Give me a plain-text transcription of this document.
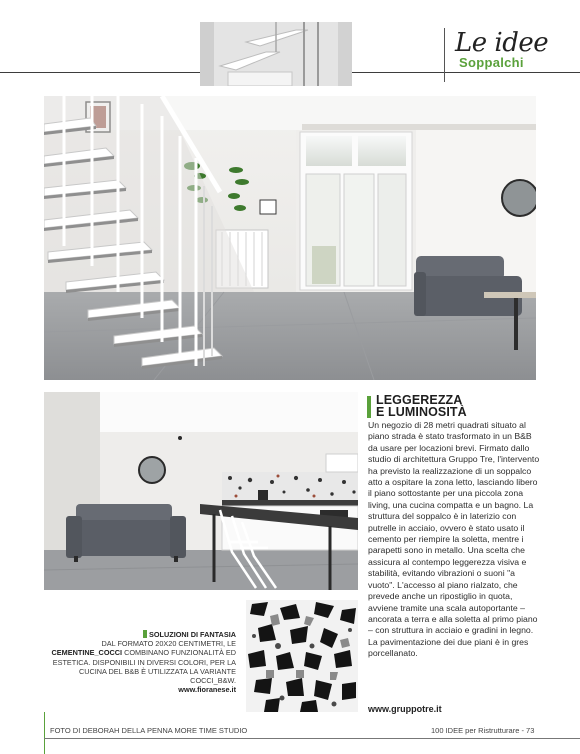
Le idee
Soppalchi
LEGGEREZZA
E LUMINOSITÀ

Un negozio di 28 metri quadrati situato al piano strada è stato trasformato in un B&B da usare per locazioni brevi. Firmato dallo studio di architettura Gruppo Tre, l'intervento ha previsto la realizzazione di un soppalco atto a ospitare la zona letto, lasciando libero il piano sottostante per una piccola zona living, una cucina compatta e un bagno. La struttura del soppalco è in laterizio con putrelle in acciaio, ovvero è stato usato il cemento per riempire la soletta, mentre i parapetti sono in metallo. Una scelta che assicura al contempo leggerezza visiva e stabilità, evitando vibrazioni o suoni "a vuoto". L'accesso al piano rialzato, che prevede anche un ripostiglio in quota, avviene tramite una scala autoportante – ancorata a terra e alla soletta al primo piano – con struttura in acciaio e gradini in legno. La pavimentazione dei due piani è in gres porcellanato.

www.gruppotre.it
SOLUZIONI DI FANTASIA
DAL FORMATO 20X20 CENTIMETRI, LE CEMENTINE_COCCI COMBINANO FUNZIONALITÀ ED ESTETICA. DISPONIBILI IN DIVERSI COLORI, PER LA CUCINA DEL B&B È UTILIZZATA LA VARIANTE COCCI_B&W.
www.fioranese.it
FOTO DI DEBORAH DELLA PENNA MORE TIME STUDIO	100 IDEE per Ristrutturare - 73
